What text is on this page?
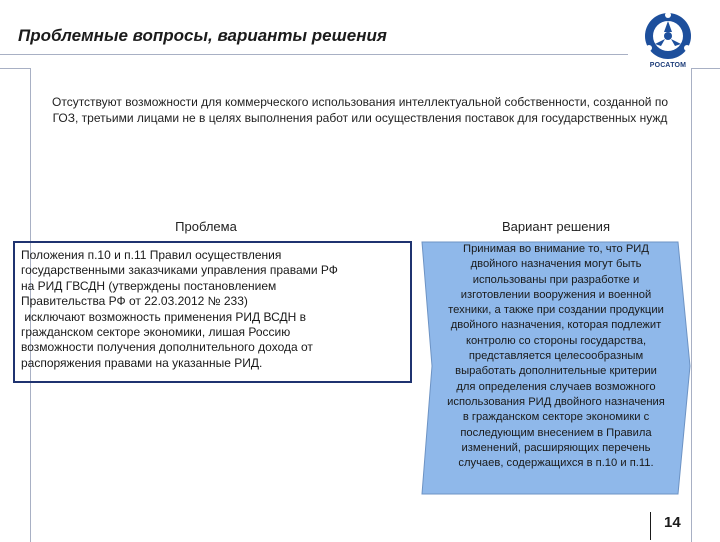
Проблемные вопросы, варианты решения
РОСАТОМ
Отсутствуют возможности для коммерческого использования интеллектуальной собственности, созданной по ГОЗ, третьими лицами не в целях выполнения работ или осуществления поставок для государственных нужд
Проблема	Вариант решения
Положения п.10 и п.11 Правил осуществления
государственными заказчиками управления правами РФ
на РИД ГВСДН (утверждены постановлением
Правительства РФ от 22.03.2012 № 233)
исключают возможность применения РИД ВСДН в
гражданском секторе экономики, лишая Россию
возможности получения дополнительного дохода от
распоряжения правами на указанные РИД.
Принимая во внимание то, что РИД
двойного назначения могут быть
использованы при разработке и
изготовлении вооружения и военной
техники, а также при создании продукции
двойного назначения, которая подлежит
контролю со стороны государства,
представляется целесообразным
выработать дополнительные критерии
для определения случаев возможного
использования РИД двойного назначения
в гражданском секторе экономики с
последующим внесением в Правила
изменений, расширяющих перечень
случаев, содержащихся в п.10 и п.11.
14
